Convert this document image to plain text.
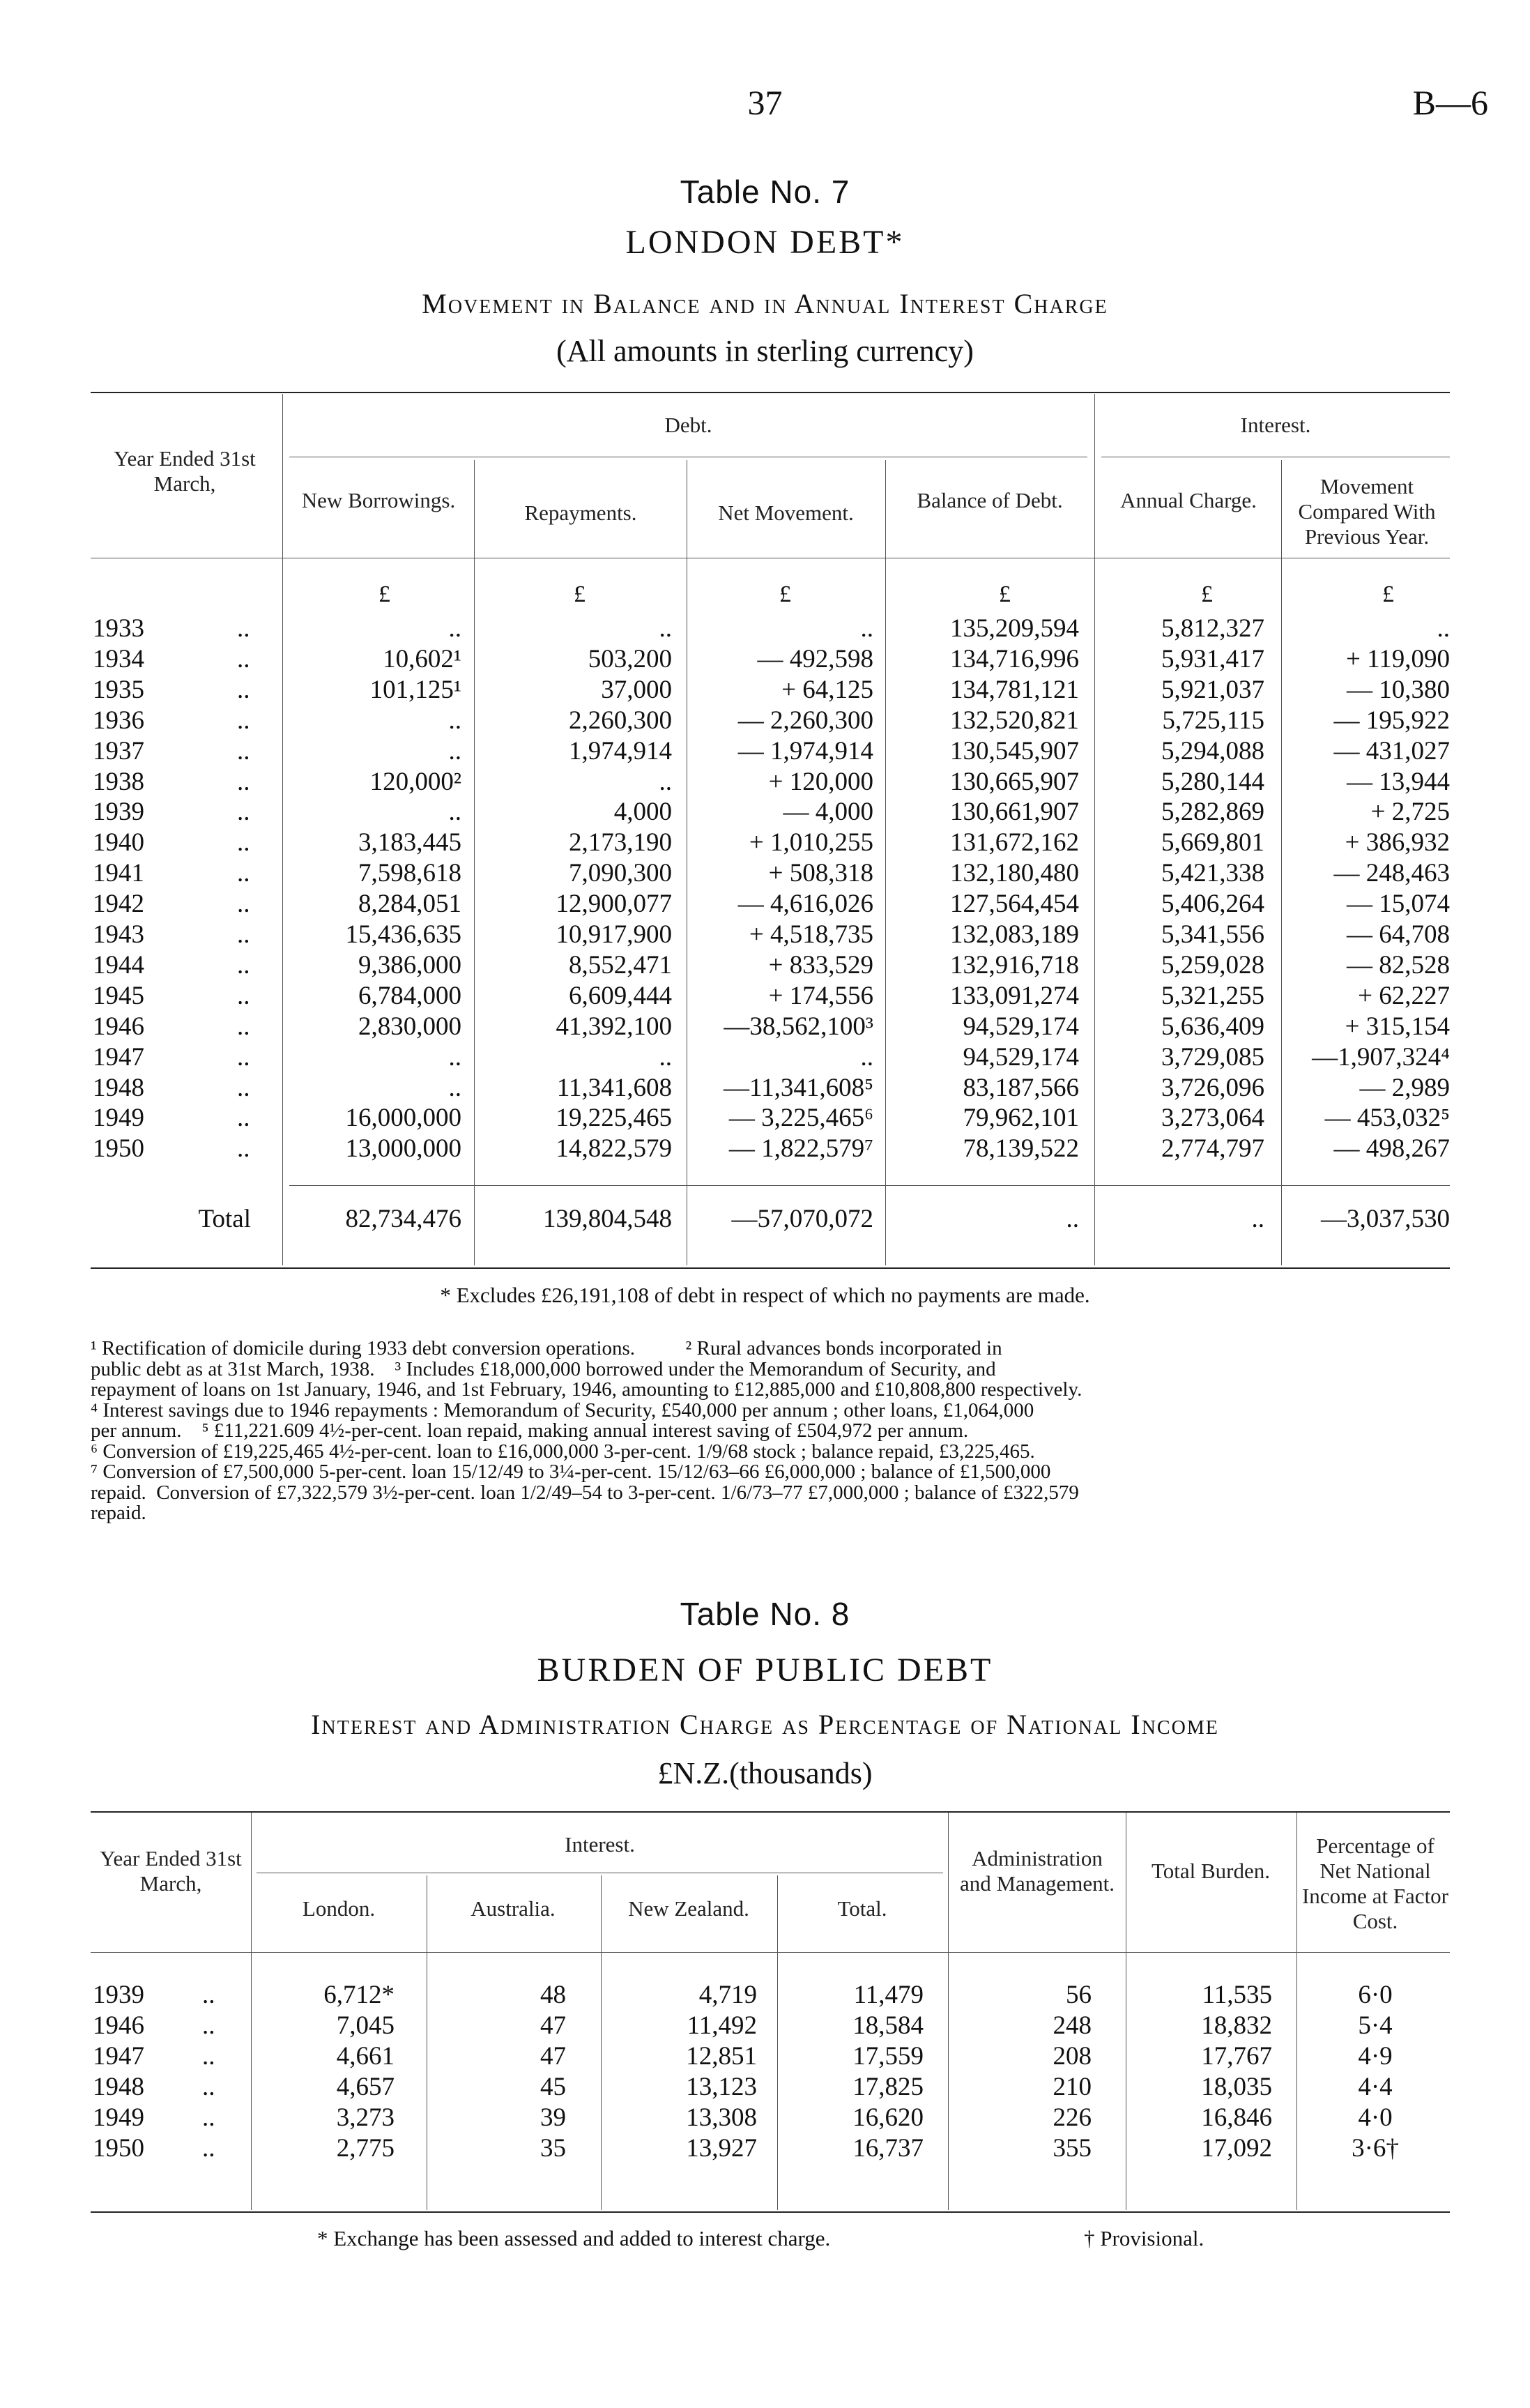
37	B—6
Table No. 7
LONDON DEBT*
Movement in Balance and in Annual Interest Charge
(All amounts in sterling currency)
Year Ended 31st March,
Debt.	Interest.
New Borrowings.
Repayments.	Net Movement.
Balance of Debt.	Annual Charge.
Movement Compared With Previous Year.
£	£	£	£	£	£
1933	..	..	..	..	135,209,594	5,812,327	..
1934	..	10,602¹	503,200	— 492,598	134,716,996	5,931,417	+ 119,090
1935	..	101,125¹	37,000	+ 64,125	134,781,121	5,921,037	— 10,380
1936	..	..	2,260,300	— 2,260,300	132,520,821	5,725,115	— 195,922
1937	..	..	1,974,914	— 1,974,914	130,545,907	5,294,088	— 431,027
1938	..	120,000²	..	+ 120,000	130,665,907	5,280,144	— 13,944
1939	..	..	4,000	— 4,000	130,661,907	5,282,869	+ 2,725
1940	..	3,183,445	2,173,190	+ 1,010,255	131,672,162	5,669,801	+ 386,932
1941	..	7,598,618	7,090,300	+ 508,318	132,180,480	5,421,338	— 248,463
1942	..	8,284,051	12,900,077	— 4,616,026	127,564,454	5,406,264	— 15,074
1943	..	15,436,635	10,917,900	+ 4,518,735	132,083,189	5,341,556	— 64,708
1944	..	9,386,000	8,552,471	+ 833,529	132,916,718	5,259,028	— 82,528
1945	..	6,784,000	6,609,444	+ 174,556	133,091,274	5,321,255	+ 62,227
1946	..	2,830,000	41,392,100	—38,562,100³	94,529,174	5,636,409	+ 315,154
1947	..	..	..	..	94,529,174	3,729,085	—1,907,324⁴
1948	..	..	11,341,608	—11,341,608⁵	83,187,566	3,726,096	— 2,989
1949	..	16,000,000	19,225,465	— 3,225,465⁶	79,962,101	3,273,064	— 453,032⁵
1950	..	13,000,000	14,822,579	— 1,822,579⁷	78,139,522	2,774,797	— 498,267
Total	82,734,476	139,804,548	—57,070,072	..	..	—3,037,530
* Excludes £26,191,108 of debt in respect of which no payments are made.
¹ Rectification of domicile during 1933 debt conversion operations.          ² Rural advances bonds incorporated in
public debt as at 31st March, 1938.    ³ Includes £18,000,000 borrowed under the Memorandum of Security, and
repayment of loans on 1st January, 1946, and 1st February, 1946, amounting to £12,885,000 and £10,808,800 respectively.
⁴ Interest savings due to 1946 repayments : Memorandum of Security, £540,000 per annum ; other loans, £1,064,000
per annum.    ⁵ £11,221.609 4½-per-cent. loan repaid, making annual interest saving of £504,972 per annum.
⁶ Conversion of £19,225,465 4½-per-cent. loan to £16,000,000 3-per-cent. 1/9/68 stock ; balance repaid, £3,225,465.
⁷ Conversion of £7,500,000 5-per-cent. loan 15/12/49 to 3¼-per-cent. 15/12/63–66 £6,000,000 ; balance of £1,500,000
repaid.  Conversion of £7,322,579 3½-per-cent. loan 1/2/49–54 to 3-per-cent. 1/6/73–77 £7,000,000 ; balance of £322,579
repaid.
Table No. 8
BURDEN OF PUBLIC DEBT
Interest and Administration Charge as Percentage of National Income
£N.Z.(thousands)
Year Ended 31st March,
Interest.
London.	Australia.	New Zealand.	Total.
Administration and Management.
Total Burden.
Percentage of Net National Income at Factor Cost.
1939	..	6,712*	48	4,719	11,479	56	11,535	6·0
1946	..	7,045	47	11,492	18,584	248	18,832	5·4
1947	..	4,661	47	12,851	17,559	208	17,767	4·9
1948	..	4,657	45	13,123	17,825	210	18,035	4·4
1949	..	3,273	39	13,308	16,620	226	16,846	4·0
1950	..	2,775	35	13,927	16,737	355	17,092	3·6†
* Exchange has been assessed and added to interest charge.	† Provisional.
